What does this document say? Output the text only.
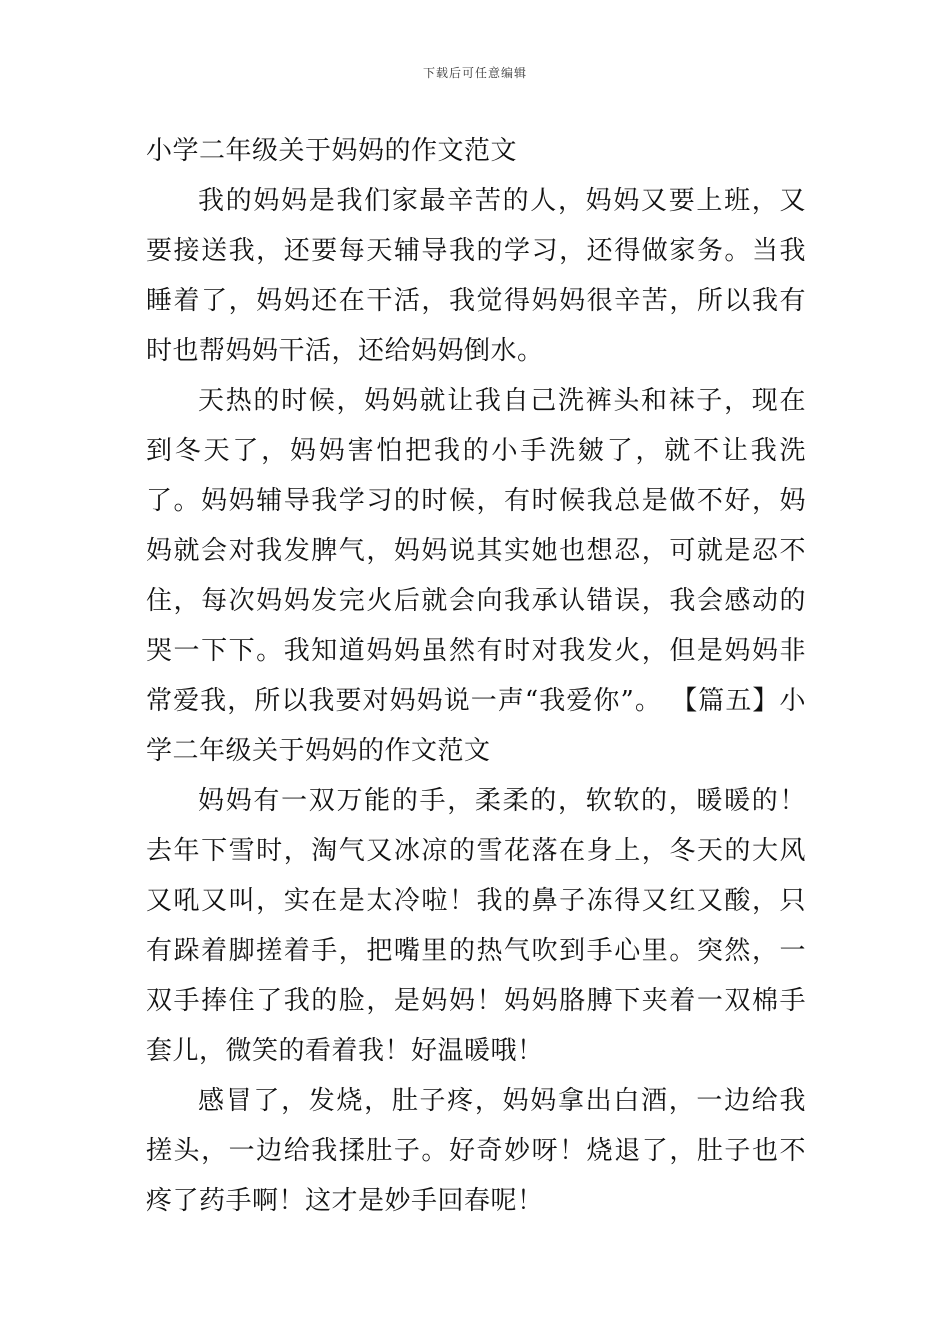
下载后可任意编辑
小学二年级关于妈妈的作文范文

我的妈妈是我们家最辛苦的人，妈妈又要上班，又要接送我，还要每天辅导我的学习，还得做家务。当我睡着了，妈妈还在干活，我觉得妈妈很辛苦，所以我有时也帮妈妈干活，还给妈妈倒水。

天热的时候，妈妈就让我自己洗裤头和袜子，现在到冬天了，妈妈害怕把我的小手洗皴了，就不让我洗了。妈妈辅导我学习的时候，有时候我总是做不好，妈妈就会对我发脾气，妈妈说其实她也想忍，可就是忍不住，每次妈妈发完火后就会向我承认错误，我会感动的哭一下下。我知道妈妈虽然有时对我发火，但是妈妈非常爱我，所以我要对妈妈说一声“我爱你”。 【篇五】小学二年级关于妈妈的作文范文

妈妈有一双万能的手，柔柔的，软软的，暖暖的！去年下雪时，淘气又冰凉的雪花落在身上，冬天的大风又吼又叫，实在是太冷啦！我的鼻子冻得又红又酸，只有跺着脚搓着手，把嘴里的热气吹到手心里。突然，一双手捧住了我的脸，是妈妈！妈妈胳膊下夹着一双棉手套儿，微笑的看着我！好温暖哦！

感冒了，发烧，肚子疼，妈妈拿出白酒，一边给我搓头，一边给我揉肚子。好奇妙呀！烧退了，肚子也不疼了药手啊！这才是妙手回春呢！
